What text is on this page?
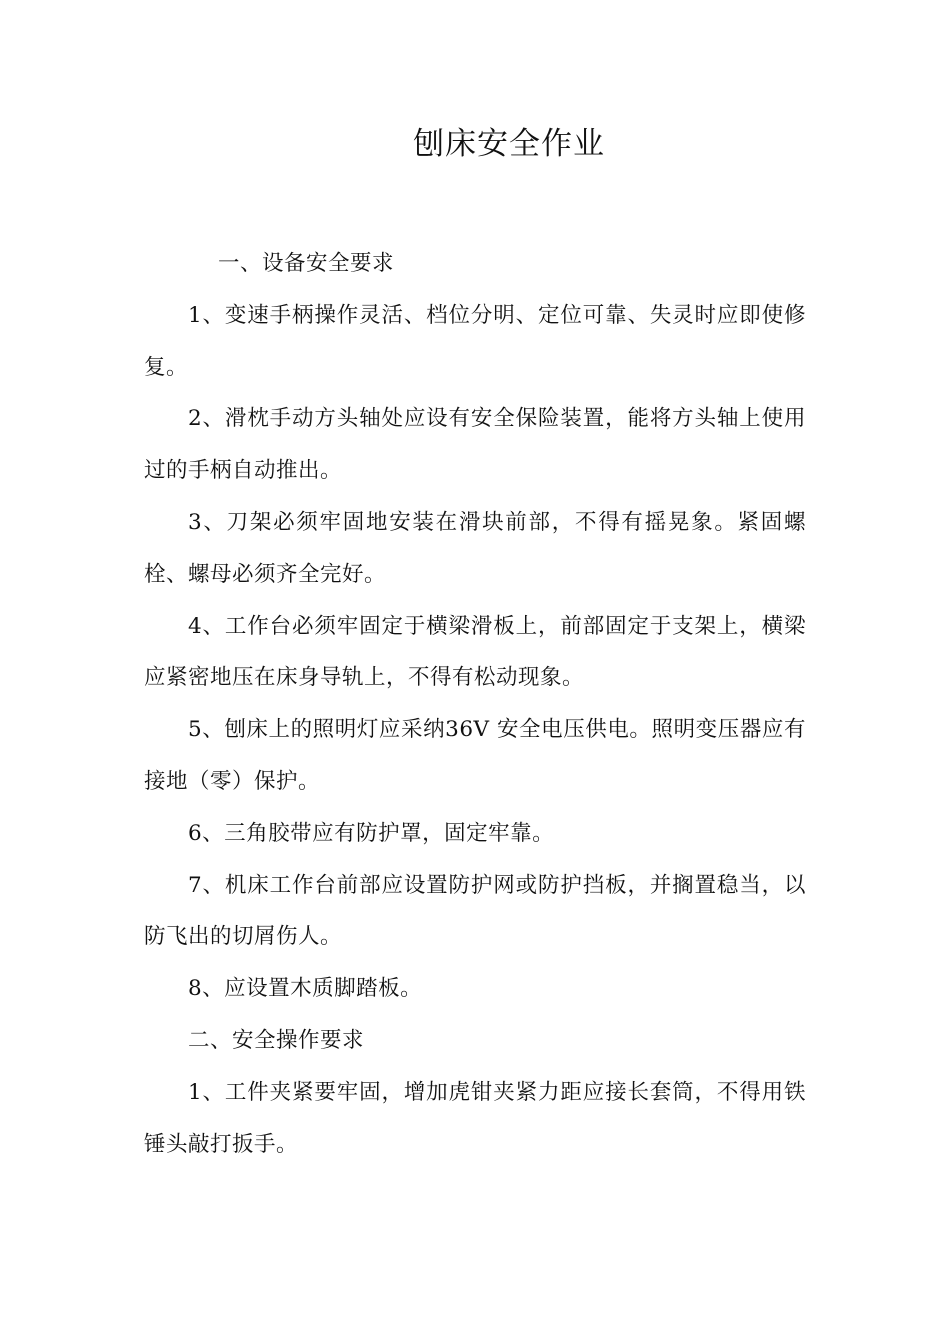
刨床安全作业

一、设备安全要求

1、变速手柄操作灵活、档位分明、定位可靠、失灵时应即使修复。

2、滑枕手动方头轴处应设有安全保险装置，能将方头轴上使用过的手柄自动推出。

3、刀架必须牢固地安装在滑块前部，不得有摇晃象。紧固螺栓、螺母必须齐全完好。

4、工作台必须牢固定于横梁滑板上，前部固定于支架上，横梁应紧密地压在床身导轨上，不得有松动现象。

5、刨床上的照明灯应采纳36V 安全电压供电。照明变压器应有接地（零）保护。

6、三角胶带应有防护罩，固定牢靠。

7、机床工作台前部应设置防护网或防护挡板，并搁置稳当，以防飞出的切屑伤人。

8、应设置木质脚踏板。

二、安全操作要求

1、工件夹紧要牢固，增加虎钳夹紧力距应接长套筒，不得用铁锤头敲打扳手。
